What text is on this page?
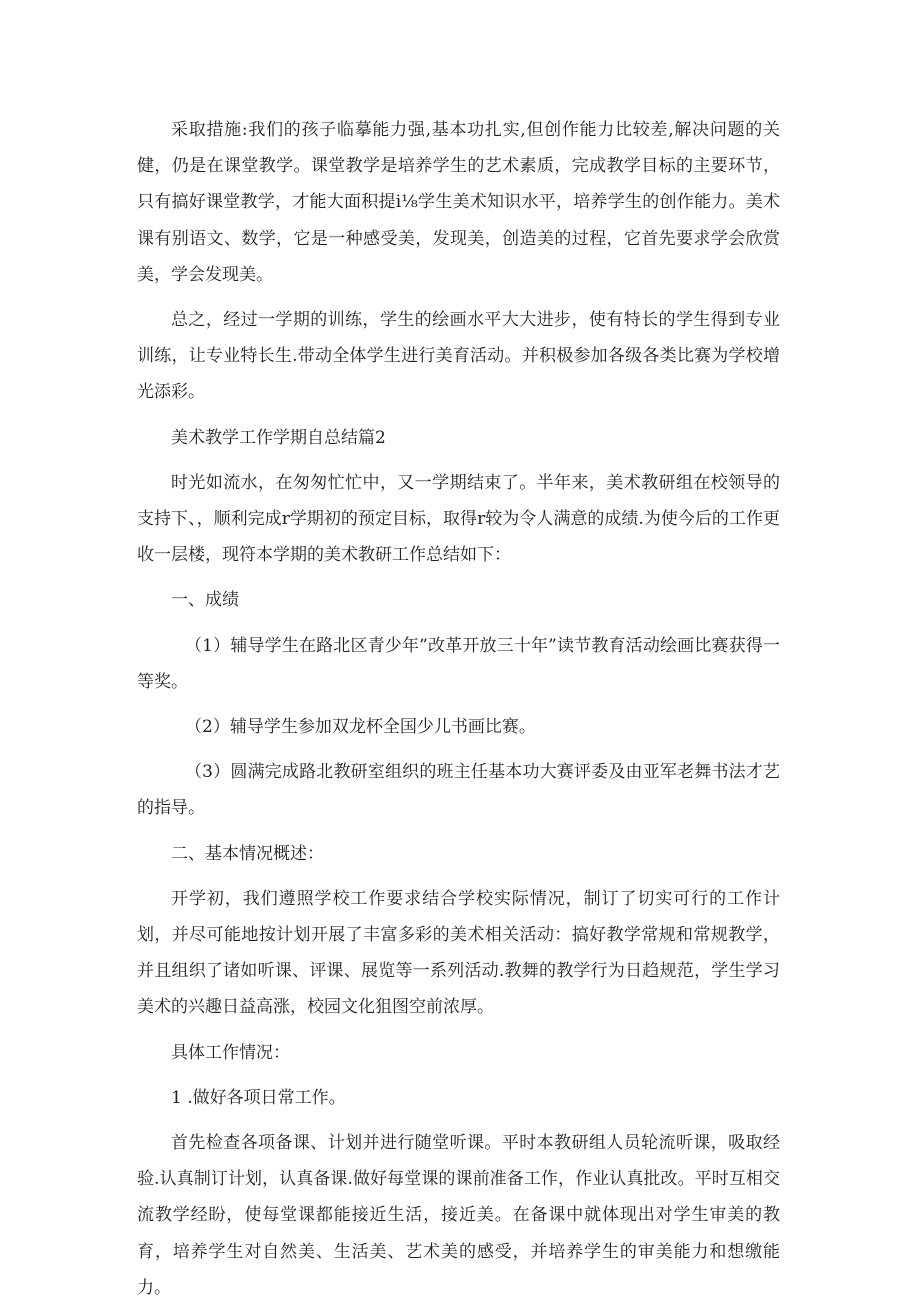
采取措施:我们的孩子临摹能力强,基本功扎实,但创作能力比较差,解决问题的关健，仍是在课堂教学。课堂教学是培养学生的艺术素质，完成教学目标的主要环节，只有搞好课堂教学，才能大面积提i⅛学生美术知识水平，培养学生的创作能力。美术课有别语文、数学，它是一种感受美，发现美，创造美的过程，它首先要求学会欣赏美，学会发现美。

总之，经过一学期的训练，学生的绘画水平大大进步，使有特长的学生得到专业训练，让专业特长生.带动全体学生进行美育活动。并积极参加各级各类比赛为学校增光添彩。

美术教学工作学期自总结篇2

时光如流水，在匆匆忙忙中，又一学期结束了。半年来，美术教研组在校领导的支持下、，顺利完成r学期初的预定目标，取得r较为令人满意的成绩.为使今后的工作更收一层楼，现符本学期的美术教研工作总结如下：

一、成绩

（1）辅导学生在路北区青少年”改革开放三十年”读节教育活动绘画比赛获得一等奖。

（2）辅导学生参加双龙杯全国少儿书画比赛。

（3）圆满完成路北教研室组织的班主任基本功大赛评委及由亚军老舞书法才艺的指导。

二、基本情况概述：

开学初，我们遵照学校工作要求结合学校实际情况，制订了切实可行的工作计划，并尽可能地按计划开展了丰富多彩的美术相关活动：搞好教学常规和常规教学，并且组织了诸如听课、评课、展览等一系列活动.教舞的教学行为日趋规范，学生学习美术的兴趣日益高涨，校园文化狙图空前浓厚。

具体工作情况：

1 .做好各项日常工作。

首先检查各项备课、计划并进行随堂听课。平时本教研组人员轮流听课，吸取经验.认真制订计划，认真备课.做好每堂课的课前准备工作，作业认真批改。平时互相交流教学经盼，使每堂课都能接近生活，接近美。在备课中就体现出对学生审美的教育，培养学生对自然美、生活美、艺术美的感受，并培养学生的审美能力和想缴能力。
